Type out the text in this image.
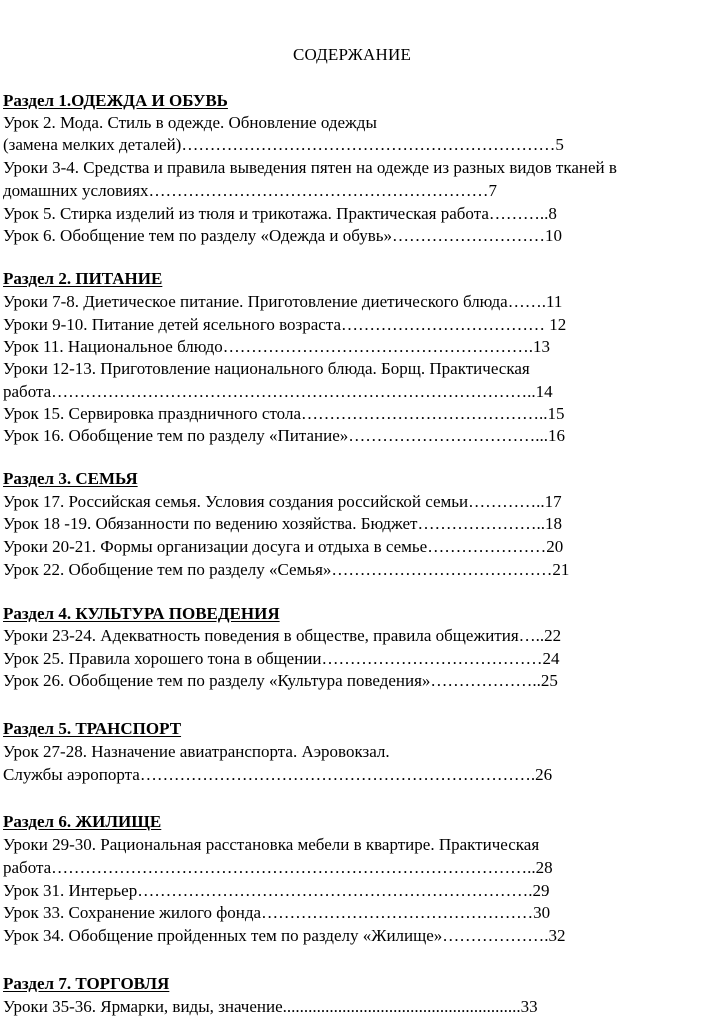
СОДЕРЖАНИЕ
Раздел 1.ОДЕЖДА И ОБУВЬ
Урок 2. Мода. Стиль в одежде. Обновление одежды
(замена мелких деталей)…………………………………………………………5
Уроки 3-4. Средства и правила выведения пятен на одежде из разных видов тканей в
домашних условиях……………………………………………………7
Урок 5. Стирка изделий из тюля и трикотажа. Практическая работа………..8
Урок 6. Обобщение тем по разделу «Одежда и обувь»………………………10
Раздел 2. ПИТАНИЕ
Уроки 7-8. Диетическое питание. Приготовление диетического блюда…….11
Уроки 9-10. Питание детей ясельного возраста……………………………… 12
Урок 11. Национальное блюдо……………………………………………….13
Уроки 12-13. Приготовление национального блюда. Борщ. Практическая
работа…………………………………………………………………………..14
Урок 15. Сервировка праздничного стола……………………………………..15
Урок 16. Обобщение тем по разделу «Питание»……………………………...16
Раздел 3. СЕМЬЯ
Урок 17. Российская семья. Условия создания российской семьи…………..17
Урок 18 -19. Обязанности по ведению хозяйства. Бюджет…………………..18
Уроки 20-21. Формы организации досуга и отдыха в семье…………………20
Урок 22. Обобщение тем по разделу «Семья»…………………………………21
Раздел 4. КУЛЬТУРА ПОВЕДЕНИЯ
Уроки 23-24. Адекватность поведения в обществе, правила общежития…..22
Урок 25. Правила хорошего тона в общении…………………………………24
Урок 26. Обобщение тем по разделу «Культура поведения»………………..25
Раздел 5. ТРАНСПОРТ
Урок 27-28. Назначение авиатранспорта. Аэровокзал.
Службы аэропорта…………………………………………………………….26
Раздел 6. ЖИЛИЩЕ
Уроки 29-30. Рациональная расстановка мебели в квартире. Практическая
работа…………………………………………………………………………..28
Урок 31. Интерьер…………………………………………………………….29
Урок 33. Сохранение жилого фонда…………………………………………30
Урок 34. Обобщение пройденных тем по разделу «Жилище»……………….32
Раздел 7. ТОРГОВЛЯ
Уроки 35-36. Ярмарки, виды, значение........................................................33
